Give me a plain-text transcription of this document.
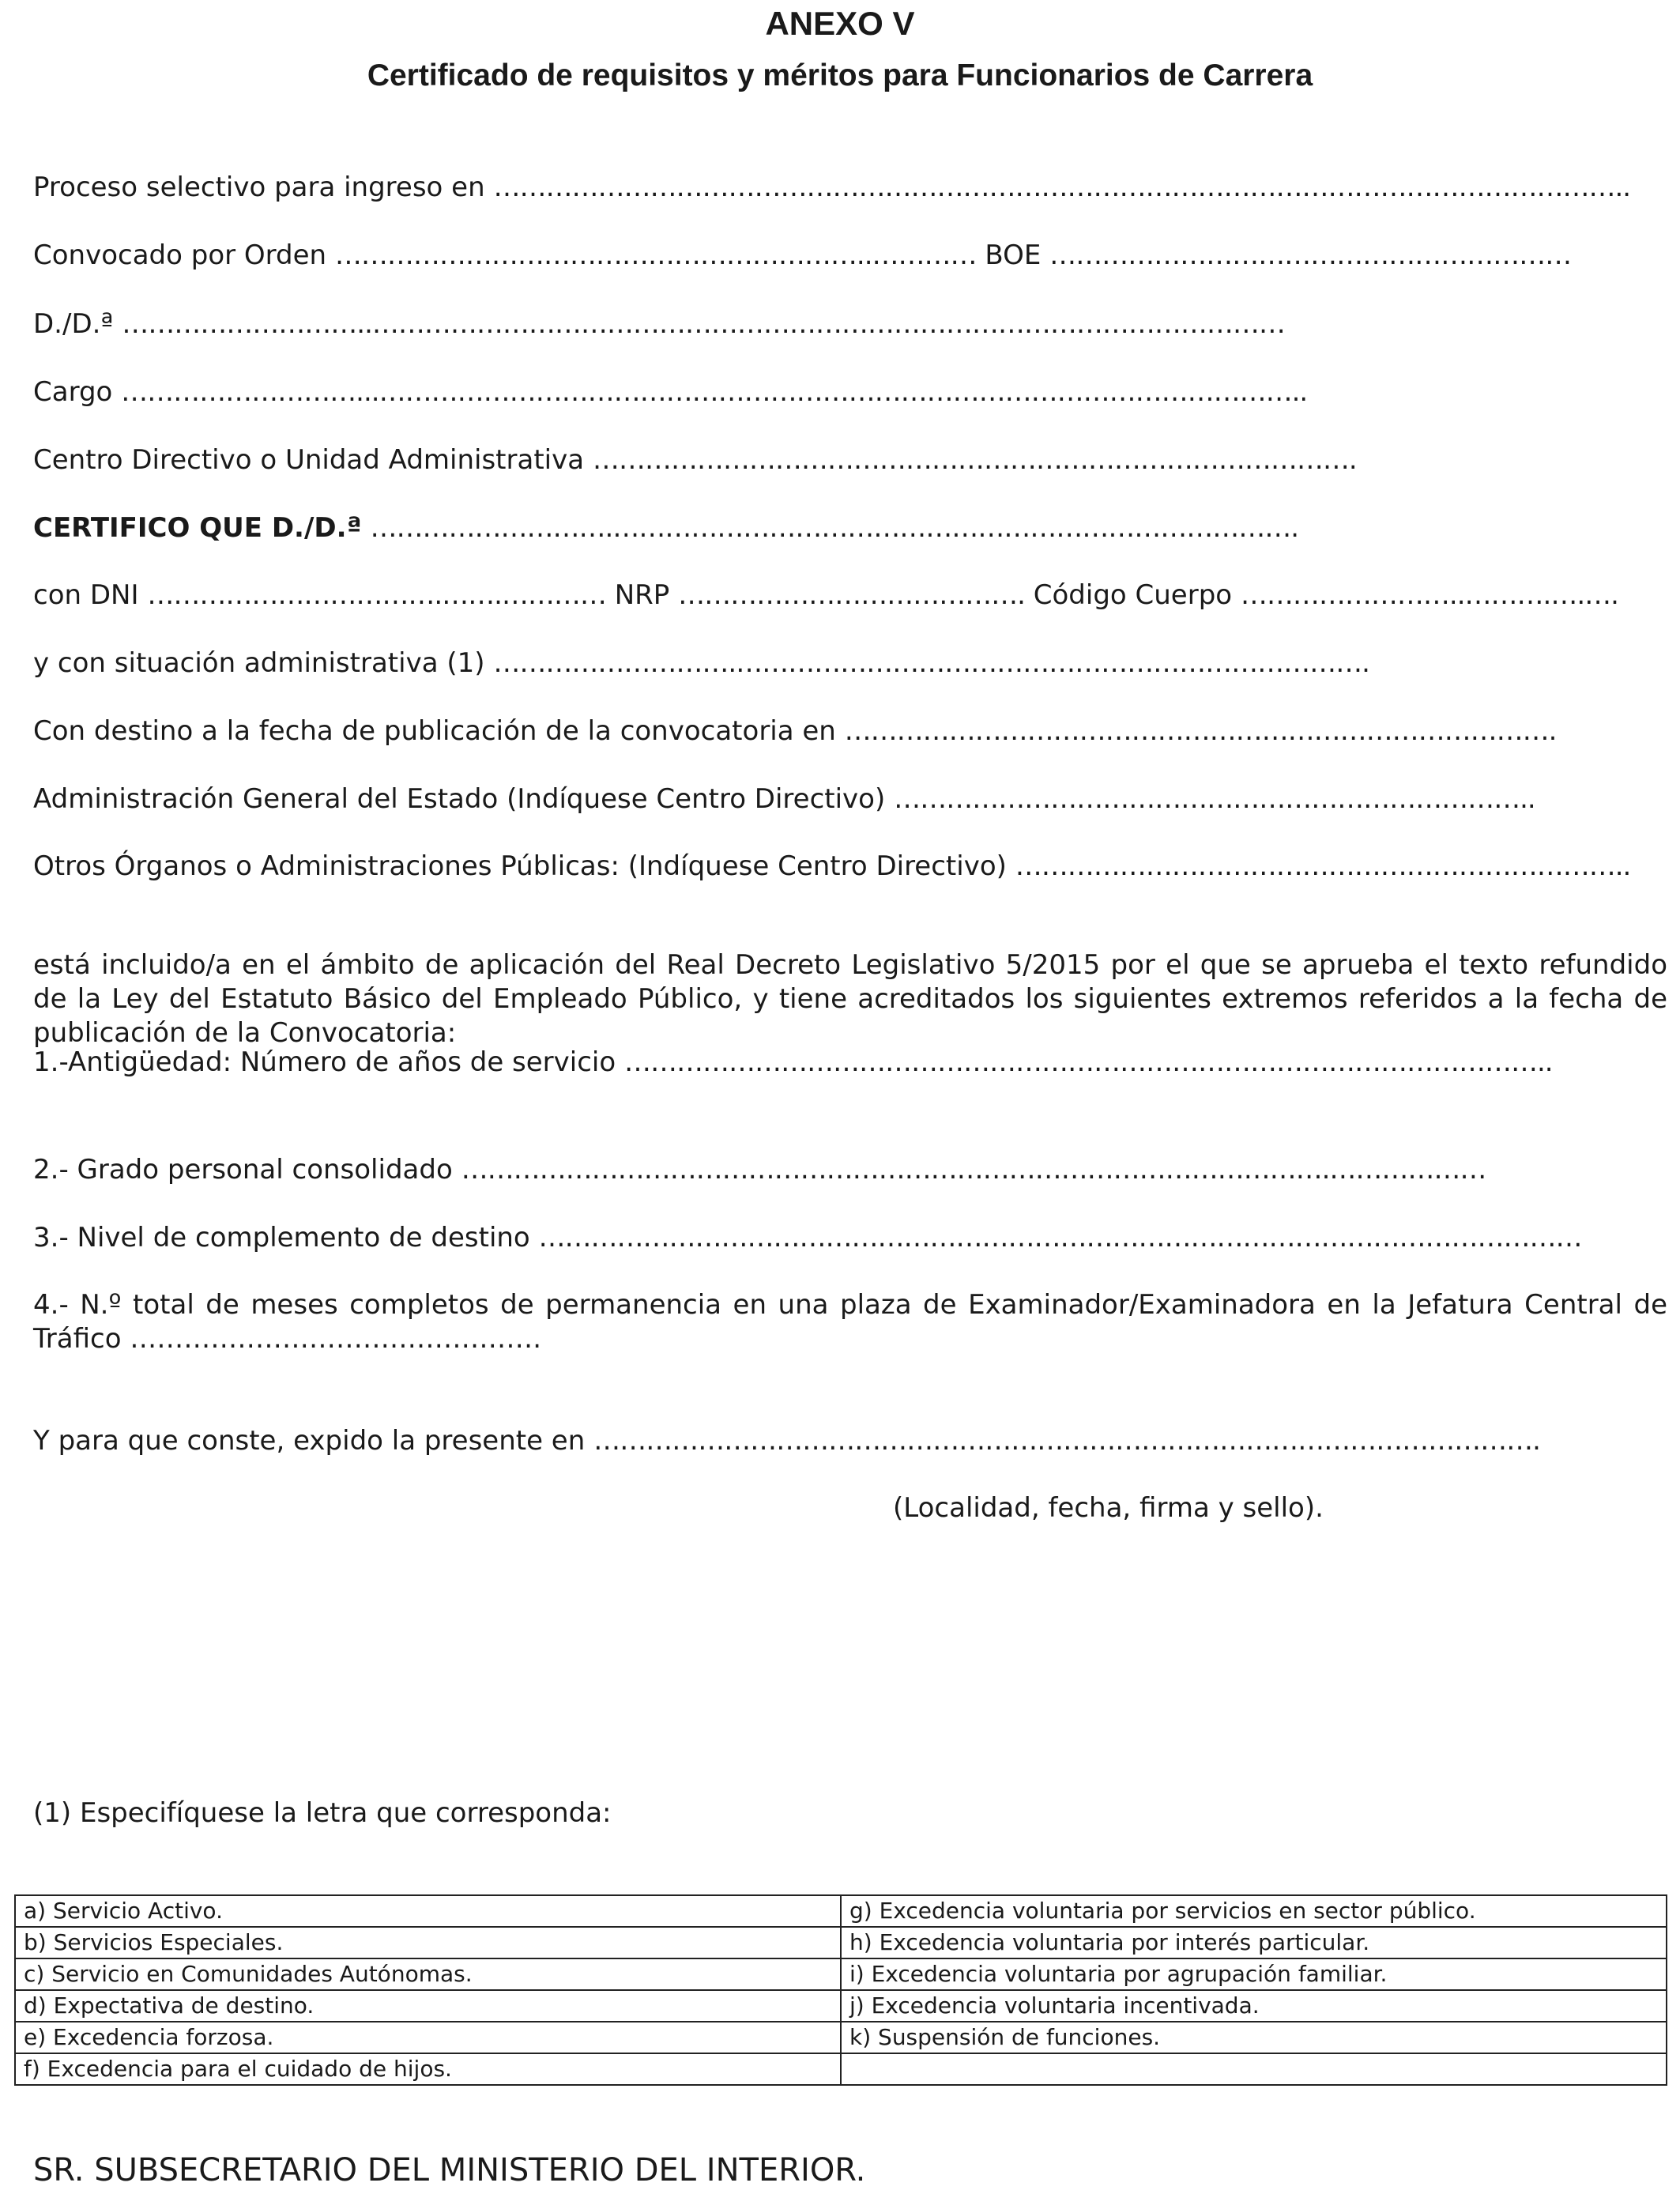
ANEXO V
Certificado de requisitos y méritos para Funcionarios de Carrera
Proceso selectivo para ingreso en …………………………………………………………………………………………………………………..
Convocado por Orden ……………………………………………………..………… BOE ……………………………………………………
D./D.ª ………………………..……………………………………………………………………………………………
Cargo ………………………...……………………………………………………………………………………………..
Centro Directivo o Unidad Administrativa …………………………………………………………………………….
CERTIFICO QUE D./D.ª ……………………….…………………………………………………………………….
con DNI …………………………….…….………… NRP …………………………………. Código Cuerpo ……………………..……….….….
y con situación administrativa (1) ……………………….……………………………………………………………….
Con destino a la fecha de publicación de la convocatoria en ……………………………………………………………………….
Administración General del Estado (Indíquese Centro Directivo) ………………………………………………………………..
Otros Órganos o Administraciones Públicas: (Indíquese Centro Directivo) ……………………………………………………………..
está incluido/a en el ámbito de aplicación del Real Decreto Legislativo 5/2015 por el que se aprueba el texto refundido de la Ley del Estatuto Básico del Empleado Público, y tiene acreditados los siguientes extremos referidos a la fecha de publicación de la Convocatoria:
1.-Antigüedad: Número de años de servicio ……………………………………………………………………………………………..
2.- Grado personal consolidado ……………………………………………………………………………………….………………
3.- Nivel de complemento de destino …………………………………………………………………………………………………………
4.- N.º total de meses completos de permanencia en una plaza de Examinador/Examinadora en la Jefatura Central de Tráfico ……………………………………….
Y para que conste, expido la presente en ……………………………………………………………………………………………….
(Localidad, fecha, firma y sello).
(1) Especifíquese la letra que corresponda:
a) Servicio Activo.	g) Excedencia voluntaria por servicios en sector público.
b) Servicios Especiales.	h) Excedencia voluntaria por interés particular.
c) Servicio en Comunidades Autónomas.	i) Excedencia voluntaria por agrupación familiar.
d) Expectativa de destino.	j) Excedencia voluntaria incentivada.
e) Excedencia forzosa.	k) Suspensión de funciones.
f) Excedencia para el cuidado de hijos.	
SR. SUBSECRETARIO DEL MINISTERIO DEL INTERIOR.
